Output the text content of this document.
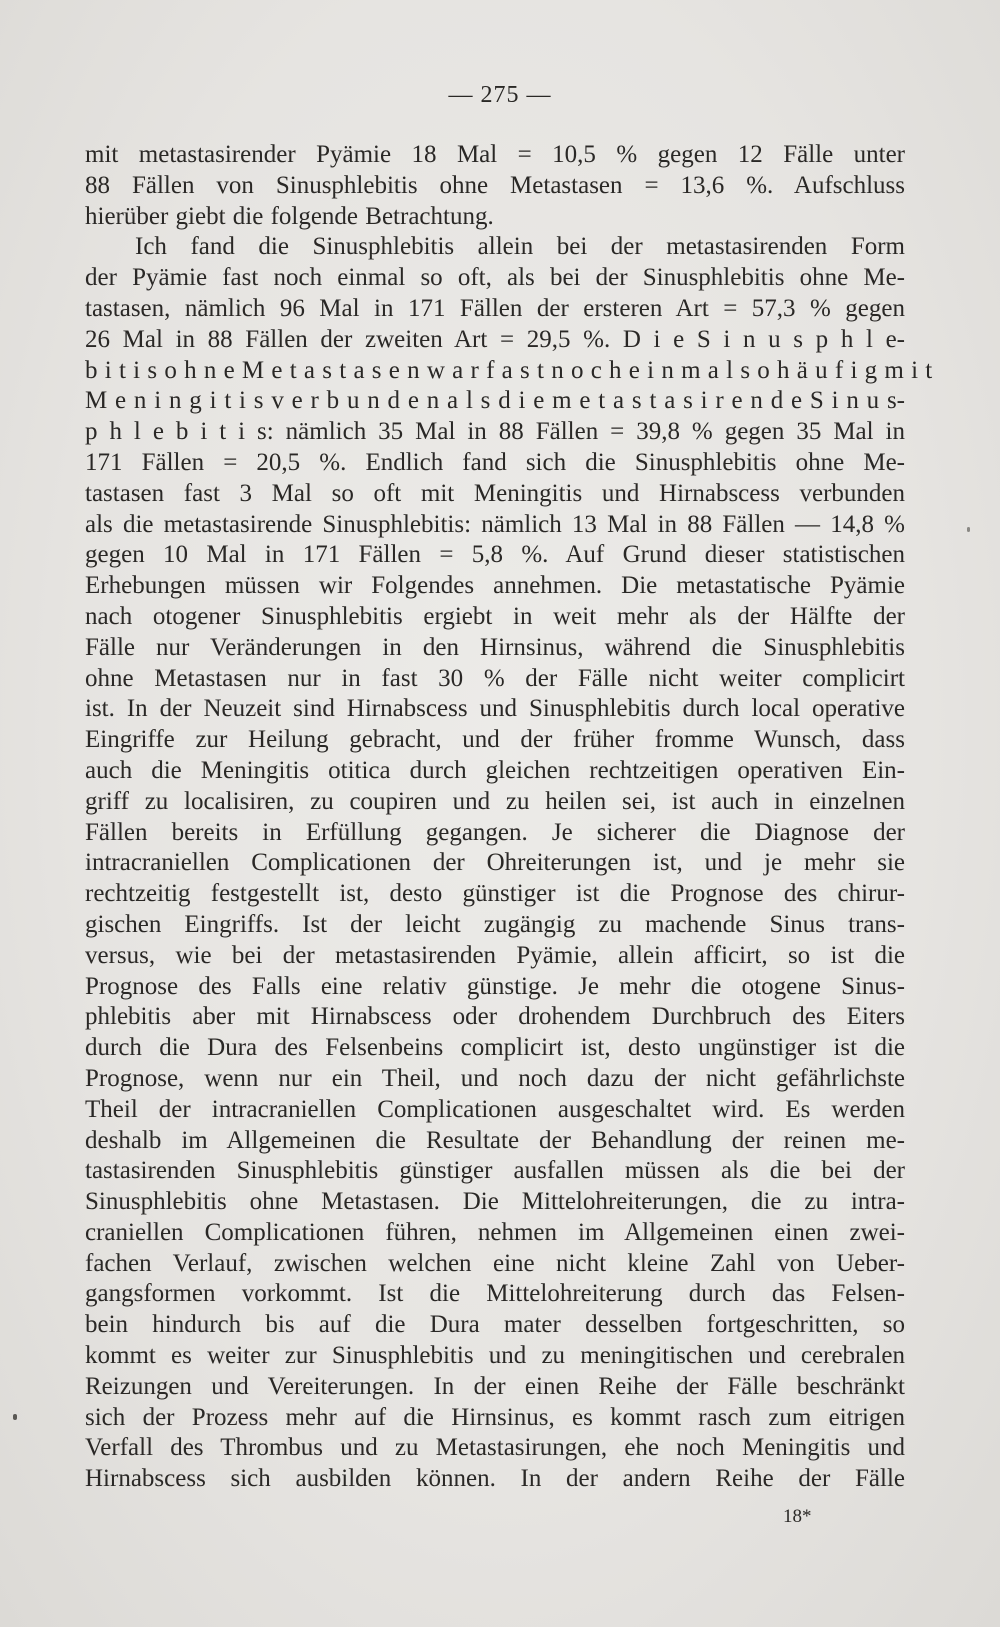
— 275 —
mit metastasirender Pyämie 18 Mal = 10,5 % gegen 12 Fälle unter
88 Fällen von Sinusphlebitis ohne Metastasen = 13,6 %. Aufschluss
hierüber giebt die folgende Betrachtung.
Ich fand die Sinusphlebitis allein bei der metastasirenden Form
der Pyämie fast noch einmal so oft, als bei der Sinusphlebitis ohne Me-
tastasen, nämlich 96 Mal in 171 Fällen der ersteren Art = 57,3 % gegen
26 Mal in 88 Fällen der zweiten Art = 29,5 %. D i e S i n u s p h l e-
b i t i s o h n e M e t a s t a s e n w a r f a s t n o c h e i n m a l s o h ä u f i g m i t
M e n i n g i t i s v e r b u n d e n a l s d i e m e t a s t a s i r e n d e S i n u s-
p h l e b i t i s: nämlich 35 Mal in 88 Fällen = 39,8 % gegen 35 Mal in
171 Fällen = 20,5 %. Endlich fand sich die Sinusphlebitis ohne Me-
tastasen fast 3 Mal so oft mit Meningitis und Hirnabscess verbunden
als die metastasirende Sinusphlebitis: nämlich 13 Mal in 88 Fällen — 14,8 %
gegen 10 Mal in 171 Fällen = 5,8 %. Auf Grund dieser statistischen
Erhebungen müssen wir Folgendes annehmen. Die metastatische Pyämie
nach otogener Sinusphlebitis ergiebt in weit mehr als der Hälfte der
Fälle nur Veränderungen in den Hirnsinus, während die Sinusphlebitis
ohne Metastasen nur in fast 30 % der Fälle nicht weiter complicirt
ist. In der Neuzeit sind Hirnabscess und Sinusphlebitis durch local operative
Eingriffe zur Heilung gebracht, und der früher fromme Wunsch, dass
auch die Meningitis otitica durch gleichen rechtzeitigen operativen Ein-
griff zu localisiren, zu coupiren und zu heilen sei, ist auch in einzelnen
Fällen bereits in Erfüllung gegangen. Je sicherer die Diagnose der
intracraniellen Complicationen der Ohreiterungen ist, und je mehr sie
rechtzeitig festgestellt ist, desto günstiger ist die Prognose des chirur-
gischen Eingriffs. Ist der leicht zugängig zu machende Sinus trans-
versus, wie bei der metastasirenden Pyämie, allein afficirt, so ist die
Prognose des Falls eine relativ günstige. Je mehr die otogene Sinus-
phlebitis aber mit Hirnabscess oder drohendem Durchbruch des Eiters
durch die Dura des Felsenbeins complicirt ist, desto ungünstiger ist die
Prognose, wenn nur ein Theil, und noch dazu der nicht gefährlichste
Theil der intracraniellen Complicationen ausgeschaltet wird. Es werden
deshalb im Allgemeinen die Resultate der Behandlung der reinen me-
tastasirenden Sinusphlebitis günstiger ausfallen müssen als die bei der
Sinusphlebitis ohne Metastasen. Die Mittelohreiterungen, die zu intra-
craniellen Complicationen führen, nehmen im Allgemeinen einen zwei-
fachen Verlauf, zwischen welchen eine nicht kleine Zahl von Ueber-
gangsformen vorkommt. Ist die Mittelohreiterung durch das Felsen-
bein hindurch bis auf die Dura mater desselben fortgeschritten, so
kommt es weiter zur Sinusphlebitis und zu meningitischen und cerebralen
Reizungen und Vereiterungen. In der einen Reihe der Fälle beschränkt
sich der Prozess mehr auf die Hirnsinus, es kommt rasch zum eitrigen
Verfall des Thrombus und zu Metastasirungen, ehe noch Meningitis und
Hirnabscess sich ausbilden können. In der andern Reihe der Fälle
18*
